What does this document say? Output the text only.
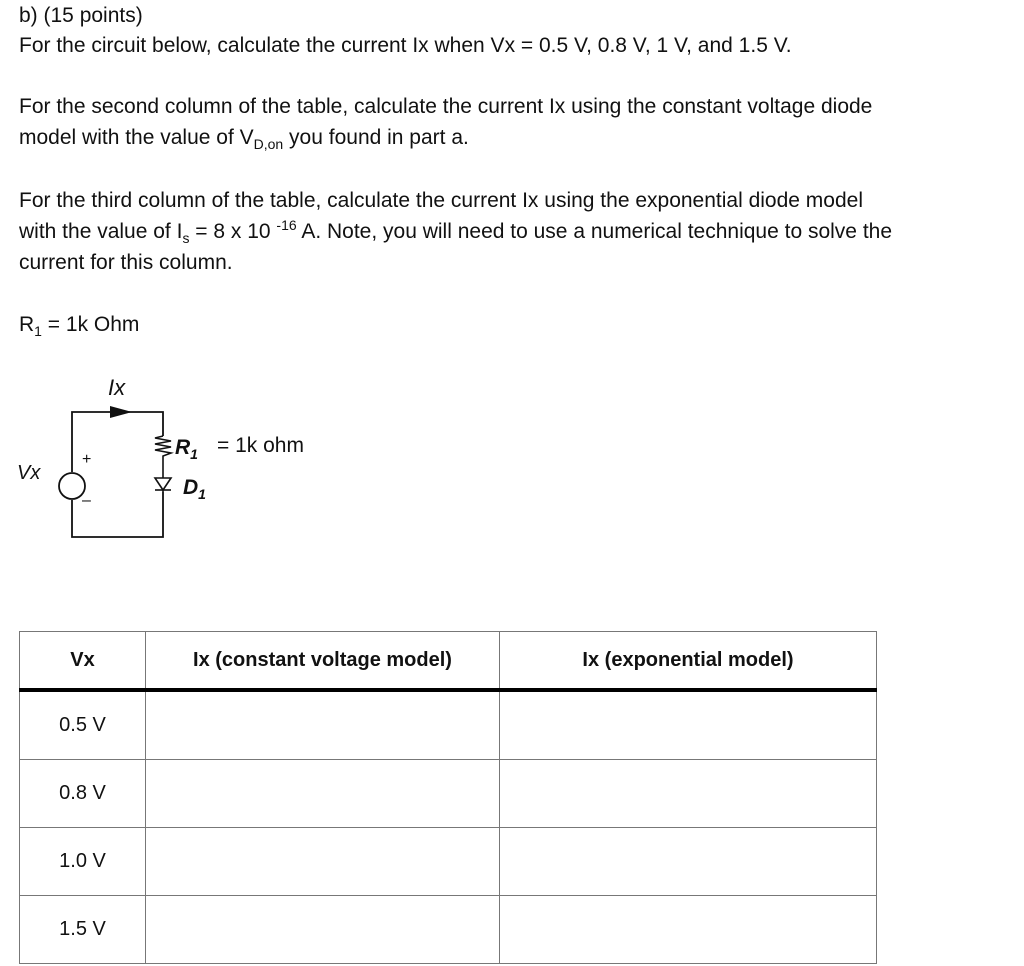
b) (15 points)
For the circuit below, calculate the current Ix when Vx = 0.5 V, 0.8 V, 1 V, and 1.5 V.
For the second column of the table, calculate the current Ix using the constant voltage diode
model with the value of $V_{D,on}$ you found in part a.
For the third column of the table, calculate the current Ix using the exponential diode model
with the value of $I_s = 8$ x 10 $^{-16}$ A. Note, you will need to use a numerical technique to solve the
current for this column.
$R_1 = 1k$ Ohm
Ix
Vx
+
–
$R_1 = 1k$ ohm
$D_1$
Vx	Ix (constant voltage model)	Ix (exponential model)
0.5 V		
0.8 V		
1.0 V		
1.5 V		
